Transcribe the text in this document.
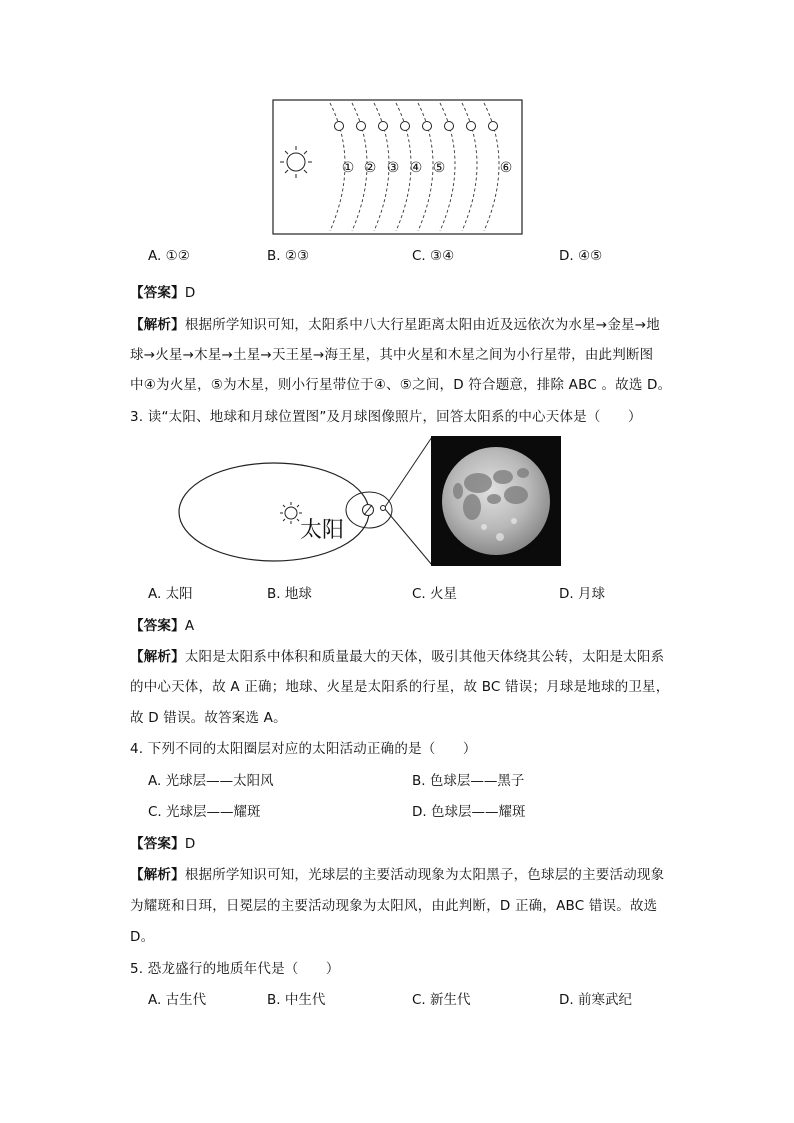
① ② ③ ④ ⑤	⑥
A. ①②	B. ②③	C. ③④	D. ④⑤
【答案】D
【解析】根据所学知识可知，太阳系中八大行星距离太阳由近及远依次为水星→金星→地
球→火星→木星→土星→天王星→海王星，其中火星和木星之间为小行星带，由此判断图
中④为火星，⑤为木星，则小行星带位于④、⑤之间，D 符合题意，排除 ABC 。故选 D。
3. 读“太阳、地球和月球位置图”及月球图像照片，回答太阳系的中心天体是（　　）
太阳
A. 太阳	B. 地球	C. 火星	D. 月球
【答案】A
【解析】太阳是太阳系中体积和质量最大的天体，吸引其他天体绕其公转，太阳是太阳系
的中心天体，故 A 正确；地球、火星是太阳系的行星，故 BC 错误；月球是地球的卫星，
故 D 错误。故答案选 A。
4. 下列不同的太阳圈层对应的太阳活动正确的是（　　）
A. 光球层——太阳风	B. 色球层——黑子
C. 光球层——耀斑	D. 色球层——耀斑
【答案】D
【解析】根据所学知识可知，光球层的主要活动现象为太阳黑子，色球层的主要活动现象
为耀斑和日珥，日冕层的主要活动现象为太阳风，由此判断，D 正确，ABC 错误。故选
D。
5. 恐龙盛行的地质年代是（　　）
A. 古生代	B. 中生代	C. 新生代	D. 前寒武纪
